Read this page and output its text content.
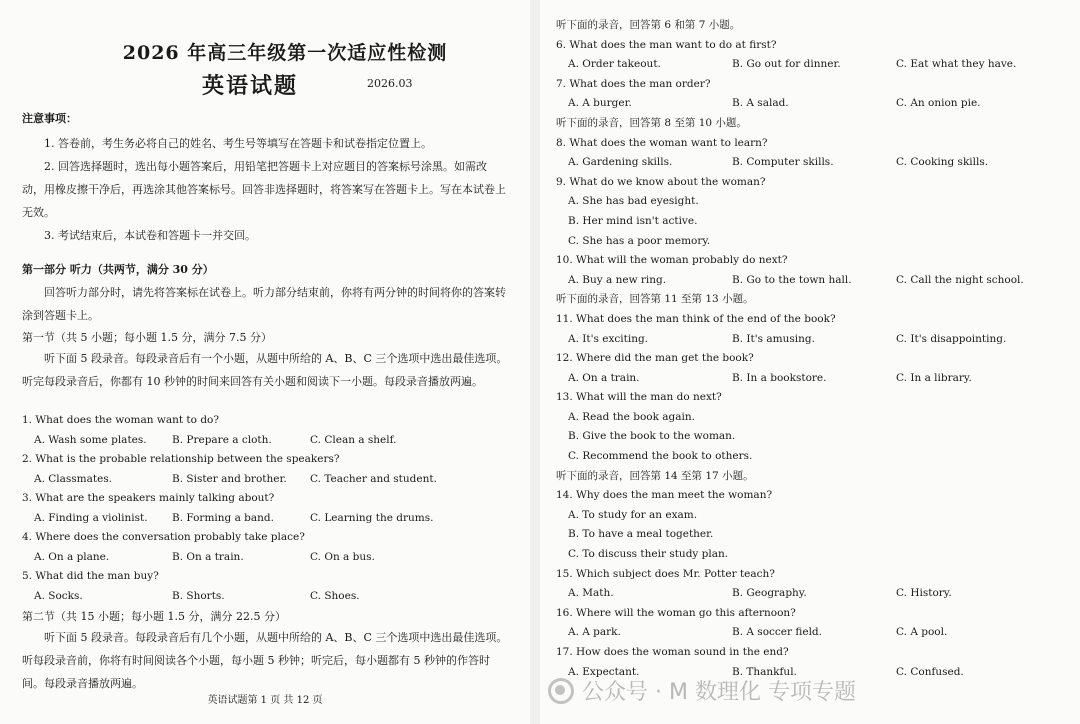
2026 年高三年级第一次适应性检测
英语试题	2026.03
注意事项：

1. 答卷前，考生务必将自己的姓名、考生号等填写在答题卡和试卷指定位置上。

2. 回答选择题时，选出每小题答案后，用铅笔把答题卡上对应题目的答案标号涂黑。如需改动，用橡皮擦干净后，再选涂其他答案标号。回答非选择题时，将答案写在答题卡上。写在本试卷上无效。

3. 考试结束后，本试卷和答题卡一并交回。

第一部分 听力（共两节，满分 30 分）

回答听力部分时，请先将答案标在试卷上。听力部分结束前，你将有两分钟的时间将你的答案转涂到答题卡上。

第一节（共 5 小题；每小题 1.5 分，满分 7.5 分）

听下面 5 段录音。每段录音后有一个小题，从题中所给的 A、B、C 三个选项中选出最佳选项。听完每段录音后，你都有 10 秒钟的时间来回答有关小题和阅读下一小题。每段录音播放两遍。

1. What does the woman want to do?

A. Wash some plates.	B. Prepare a cloth.	C. Clean a shelf.

2. What is the probable relationship between the speakers?

A. Classmates.	B. Sister and brother.	C. Teacher and student.

3. What are the speakers mainly talking about?

A. Finding a violinist.	B. Forming a band.	C. Learning the drums.

4. Where does the conversation probably take place?

A. On a plane.	B. On a train.	C. On a bus.

5. What did the man buy?

A. Socks.	B. Shorts.	C. Shoes.
第二节（共 15 小题；每小题 1.5 分，满分 22.5 分）

听下面 5 段录音。每段录音后有几个小题，从题中所给的 A、B、C 三个选项中选出最佳选项。听每段录音前，你将有时间阅读各个小题，每小题 5 秒钟；听完后，每小题都有 5 秒钟的作答时间。每段录音播放两遍。

英语试题第 1 页 共 12 页
听下面的录音，回答第 6 和第 7 小题。

6. What does the man want to do at first?

A. Order takeout.	B. Go out for dinner.	C. Eat what they have.

7. What does the man order?

A. A burger.	B. A salad.	C. An onion pie.
听下面的录音，回答第 8 至第 10 小题。

8. What does the woman want to learn?

A. Gardening skills.	B. Computer skills.	C. Cooking skills.

9. What do we know about the woman?

A. She has bad eyesight.
B. Her mind isn't active.
C. She has a poor memory.

10. What will the woman probably do next?

A. Buy a new ring.	B. Go to the town hall.	C. Call the night school.
听下面的录音，回答第 11 至第 13 小题。

11. What does the man think of the end of the book?

A. It's exciting.	B. It's amusing.	C. It's disappointing.

12. Where did the man get the book?

A. On a train.	B. In a bookstore.	C. In a library.

13. What will the man do next?

A. Read the book again.
B. Give the book to the woman.
C. Recommend the book to others.
听下面的录音，回答第 14 至第 17 小题。

14. Why does the man meet the woman?

A. To study for an exam.
B. To have a meal together.
C. To discuss their study plan.

15. Which subject does Mr. Potter teach?

A. Math.	B. Geography.	C. History.

16. Where will the woman go this afternoon?

A. A park.	B. A soccer field.	C. A pool.

17. How does the woman sound in the end?

A. Expectant.	B. Thankful.	C. Confused.
公众号 · M 数理化 专项专题
